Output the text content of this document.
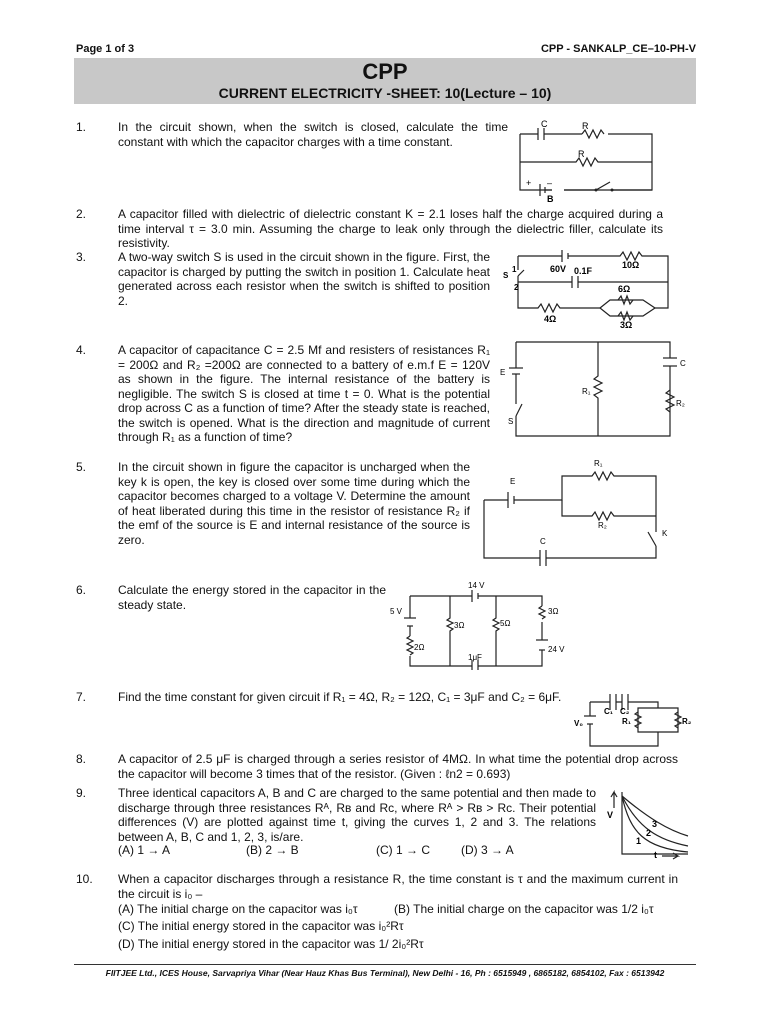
Page 1 of 3	CPP - SANKALP_CE–10-PH-V
CPP
CURRENT ELECTRICITY -SHEET: 10(Lecture – 10)
1.	In the circuit shown, when the switch is closed, calculate the time constant with which the capacitor charges with a time constant.
C	R
R
+ –
B
2.	A capacitor filled with dielectric of dielectric constant K = 2.1 loses half the charge acquired during a time interval τ = 3.0 min. Assuming the charge to leak only through the dielectric filler, calculate its resistivity.
3.	A two-way switch S is used in the circuit shown in the figure. First, the capacitor is charged by putting the switch in position 1. Calculate heat generated across each resistor when the switch is shifted to position 2.
60V 0.1F
10Ω
6Ω
4Ω
3Ω
S
1
2
4.	A capacitor of capacitance C = 2.5 Mf and resisters of resistances R₁ = 200Ω and R₂ =200Ω are connected to a battery of e.m.f E = 120V as shown in the figure. The internal resistance of the battery is negligible. The switch S is closed at time t = 0. What is the potential drop across C as a function of time? After the steady state is reached, the switch is opened. What is the direction and magnitude of current through R₁ as a function of time?
E
R₁
R₂
C
S
5.	In the circuit shown in figure the capacitor is uncharged when the key k is open, the key is closed over some time during which the capacitor becomes charged to a voltage V. Determine the amount of heat liberated during this time in the resistor of resistance R₂ if the emf of the source is E and internal resistance of the source is zero.
R₁
R₂
E
C
K
6.	Calculate the energy stored in the capacitor in the steady state.
14 V
5 V
3Ω	5Ω
3Ω
2Ω
1μF
24 V
7.	Find the time constant for given circuit if R₁ = 4Ω, R₂ = 12Ω, C₁ = 3μF and C₂ = 6μF.
C₁ C₂
V₀	R₁	R₂
8.	A capacitor of 2.5 μF is charged through a series resistor of 4MΩ. In what time the potential drop across the capacitor will become 3 times that of the resistor. (Given : ℓn2 = 0.693)
9.	Three identical capacitors A, B and C are charged to the same potential and then made to discharge through three resistances Rᴬ, Rʙ and Rᴄ, where Rᴬ > Rʙ > Rᴄ. Their potential differences (V) are plotted against time t, giving the curves 1, 2 and 3. The relations between A, B, C and 1, 2, 3, is/are.
(A) 1 → A	(B) 2 → B	(C) 1 → C	(D) 3 → A
V
t
3
2
1
10. When a capacitor discharges through a resistance R, the time constant is τ and the maximum current in the circuit is i₀ –
(A) The initial charge on the capacitor was i₀τ	(B) The initial charge on the capacitor was 1/2 i₀τ
(C) The initial energy stored in the capacitor was i₀²Rτ
(D) The initial energy stored in the capacitor was 1/ 2i₀²Rτ
FIITJEE Ltd., ICES House, Sarvapriya Vihar (Near Hauz Khas Bus Terminal), New Delhi - 16, Ph : 6515949 , 6865182, 6854102, Fax : 6513942
